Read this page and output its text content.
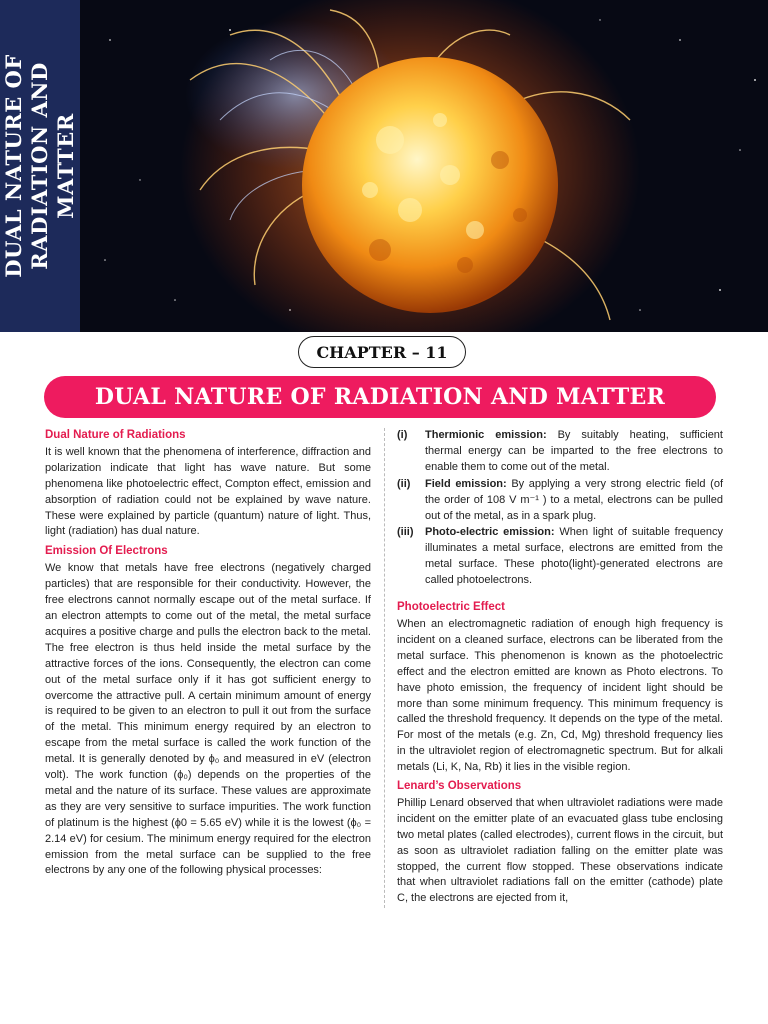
DUAL NATURE OF RADIATION AND MATTER
CHAPTER – 11
DUAL NATURE OF RADIATION AND MATTER
Dual Nature of Radiations

It is well known that the phenomena of interference, diffraction and polarization indicate that light has wave nature. But some phenomena like photoelectric effect, Compton effect, emission and absorption of radiation could not be explained by wave nature. These were explained by particle (quantum) nature of light. Thus, light (radiation) has dual nature.

Emission Of Electrons

We know that metals have free electrons (negatively charged particles) that are responsible for their conductivity. However, the free electrons cannot normally escape out of the metal surface. If an electron attempts to come out of the metal, the metal surface acquires a positive charge and pulls the electron back to the metal. The free electron is thus held inside the metal surface by the attractive forces of the ions. Consequently, the electron can come out of the metal surface only if it has got sufficient energy to overcome the attractive pull. A certain minimum amount of energy is required to be given to an electron to pull it out from the surface of the metal. This minimum energy required by an electron to escape from the metal surface is called the work function of the metal. It is generally denoted by ϕ₀ and measured in eV (electron volt). The work function (ϕ₀) depends on the properties of the metal and the nature of its surface. These values are approximate as they are very sensitive to surface impurities. The work function of platinum is the highest (ϕ0 = 5.65 eV) while it is the lowest (ϕ₀ = 2.14 eV) for cesium. The minimum energy required for the electron emission from the metal surface can be supplied to the free electrons by any one of the following physical processes:

(i)	Thermionic emission: By suitably heating, sufficient thermal energy can be imparted to the free electrons to enable them to come out of the metal.
(ii)	Field emission: By applying a very strong electric field (of the order of 108 V m⁻¹ ) to a metal, electrons can be pulled out of the metal, as in a spark plug.
(iii)	Photo-electric emission: When light of suitable frequency illuminates a metal surface, electrons are emitted from the metal surface. These photo(light)-generated electrons are called photoelectrons.
Photoelectric Effect

When an electromagnetic radiation of enough high frequency is incident on a cleaned surface, electrons can be liberated from the metal surface. This phenomenon is known as the photoelectric effect and the electron emitted are known as Photo electrons. To have photo emission, the frequency of incident light should be more than some minimum frequency. This minimum frequency is called the threshold frequency. It depends on the type of the metal. For most of the metals (e.g. Zn, Cd, Mg) threshold frequency lies in the ultraviolet region of electromagnetic spectrum. But for alkali metals (Li, K, Na, Rb) it lies in the visible region.

Lenard’s Observations

Phillip Lenard observed that when ultraviolet radiations were made incident on the emitter plate of an evacuated glass tube enclosing two metal plates (called electrodes), current flows in the circuit, but as soon as ultraviolet radiation falling on the emitter plate was stopped, the current flow stopped. These observations indicate that when ultraviolet radiations fall on the emitter (cathode) plate C, the electrons are ejected from it,
